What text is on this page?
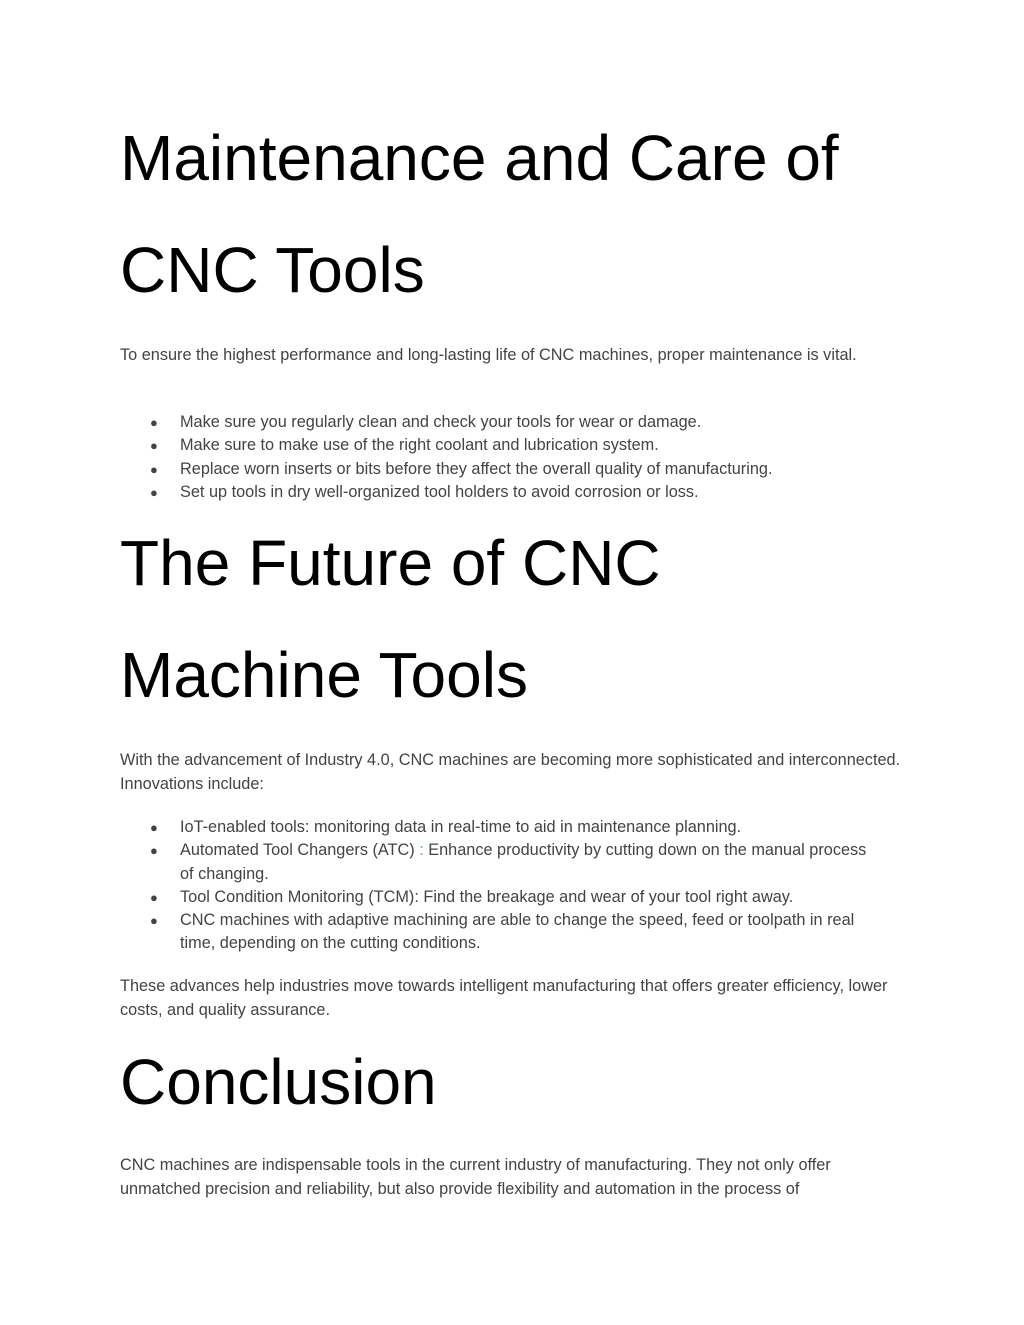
Maintenance and Care of
CNC Tools

To ensure the highest performance and long-lasting life of CNC machines, proper maintenance is vital.

● Make sure you regularly clean and check your tools for wear or damage.
● Make sure to make use of the right coolant and lubrication system.
● Replace worn inserts or bits before they affect the overall quality of manufacturing.
● Set up tools in dry well-organized tool holders to avoid corrosion or loss.
The Future of CNC
Machine Tools

With the advancement of Industry 4.0, CNC machines are becoming more sophisticated and interconnected. Innovations include:

● IoT-enabled tools: monitoring data in real-time to aid in maintenance planning.
● Automated Tool Changers (ATC) : Enhance productivity by cutting down on the manual process of changing.
● Tool Condition Monitoring (TCM): Find the breakage and wear of your tool right away.
● CNC machines with adaptive machining are able to change the speed, feed or toolpath in real time, depending on the cutting conditions.

These advances help industries move towards intelligent manufacturing that offers greater efficiency, lower costs, and quality assurance.

Conclusion

CNC machines are indispensable tools in the current industry of manufacturing. They not only offer unmatched precision and reliability, but also provide flexibility and automation in the process of
